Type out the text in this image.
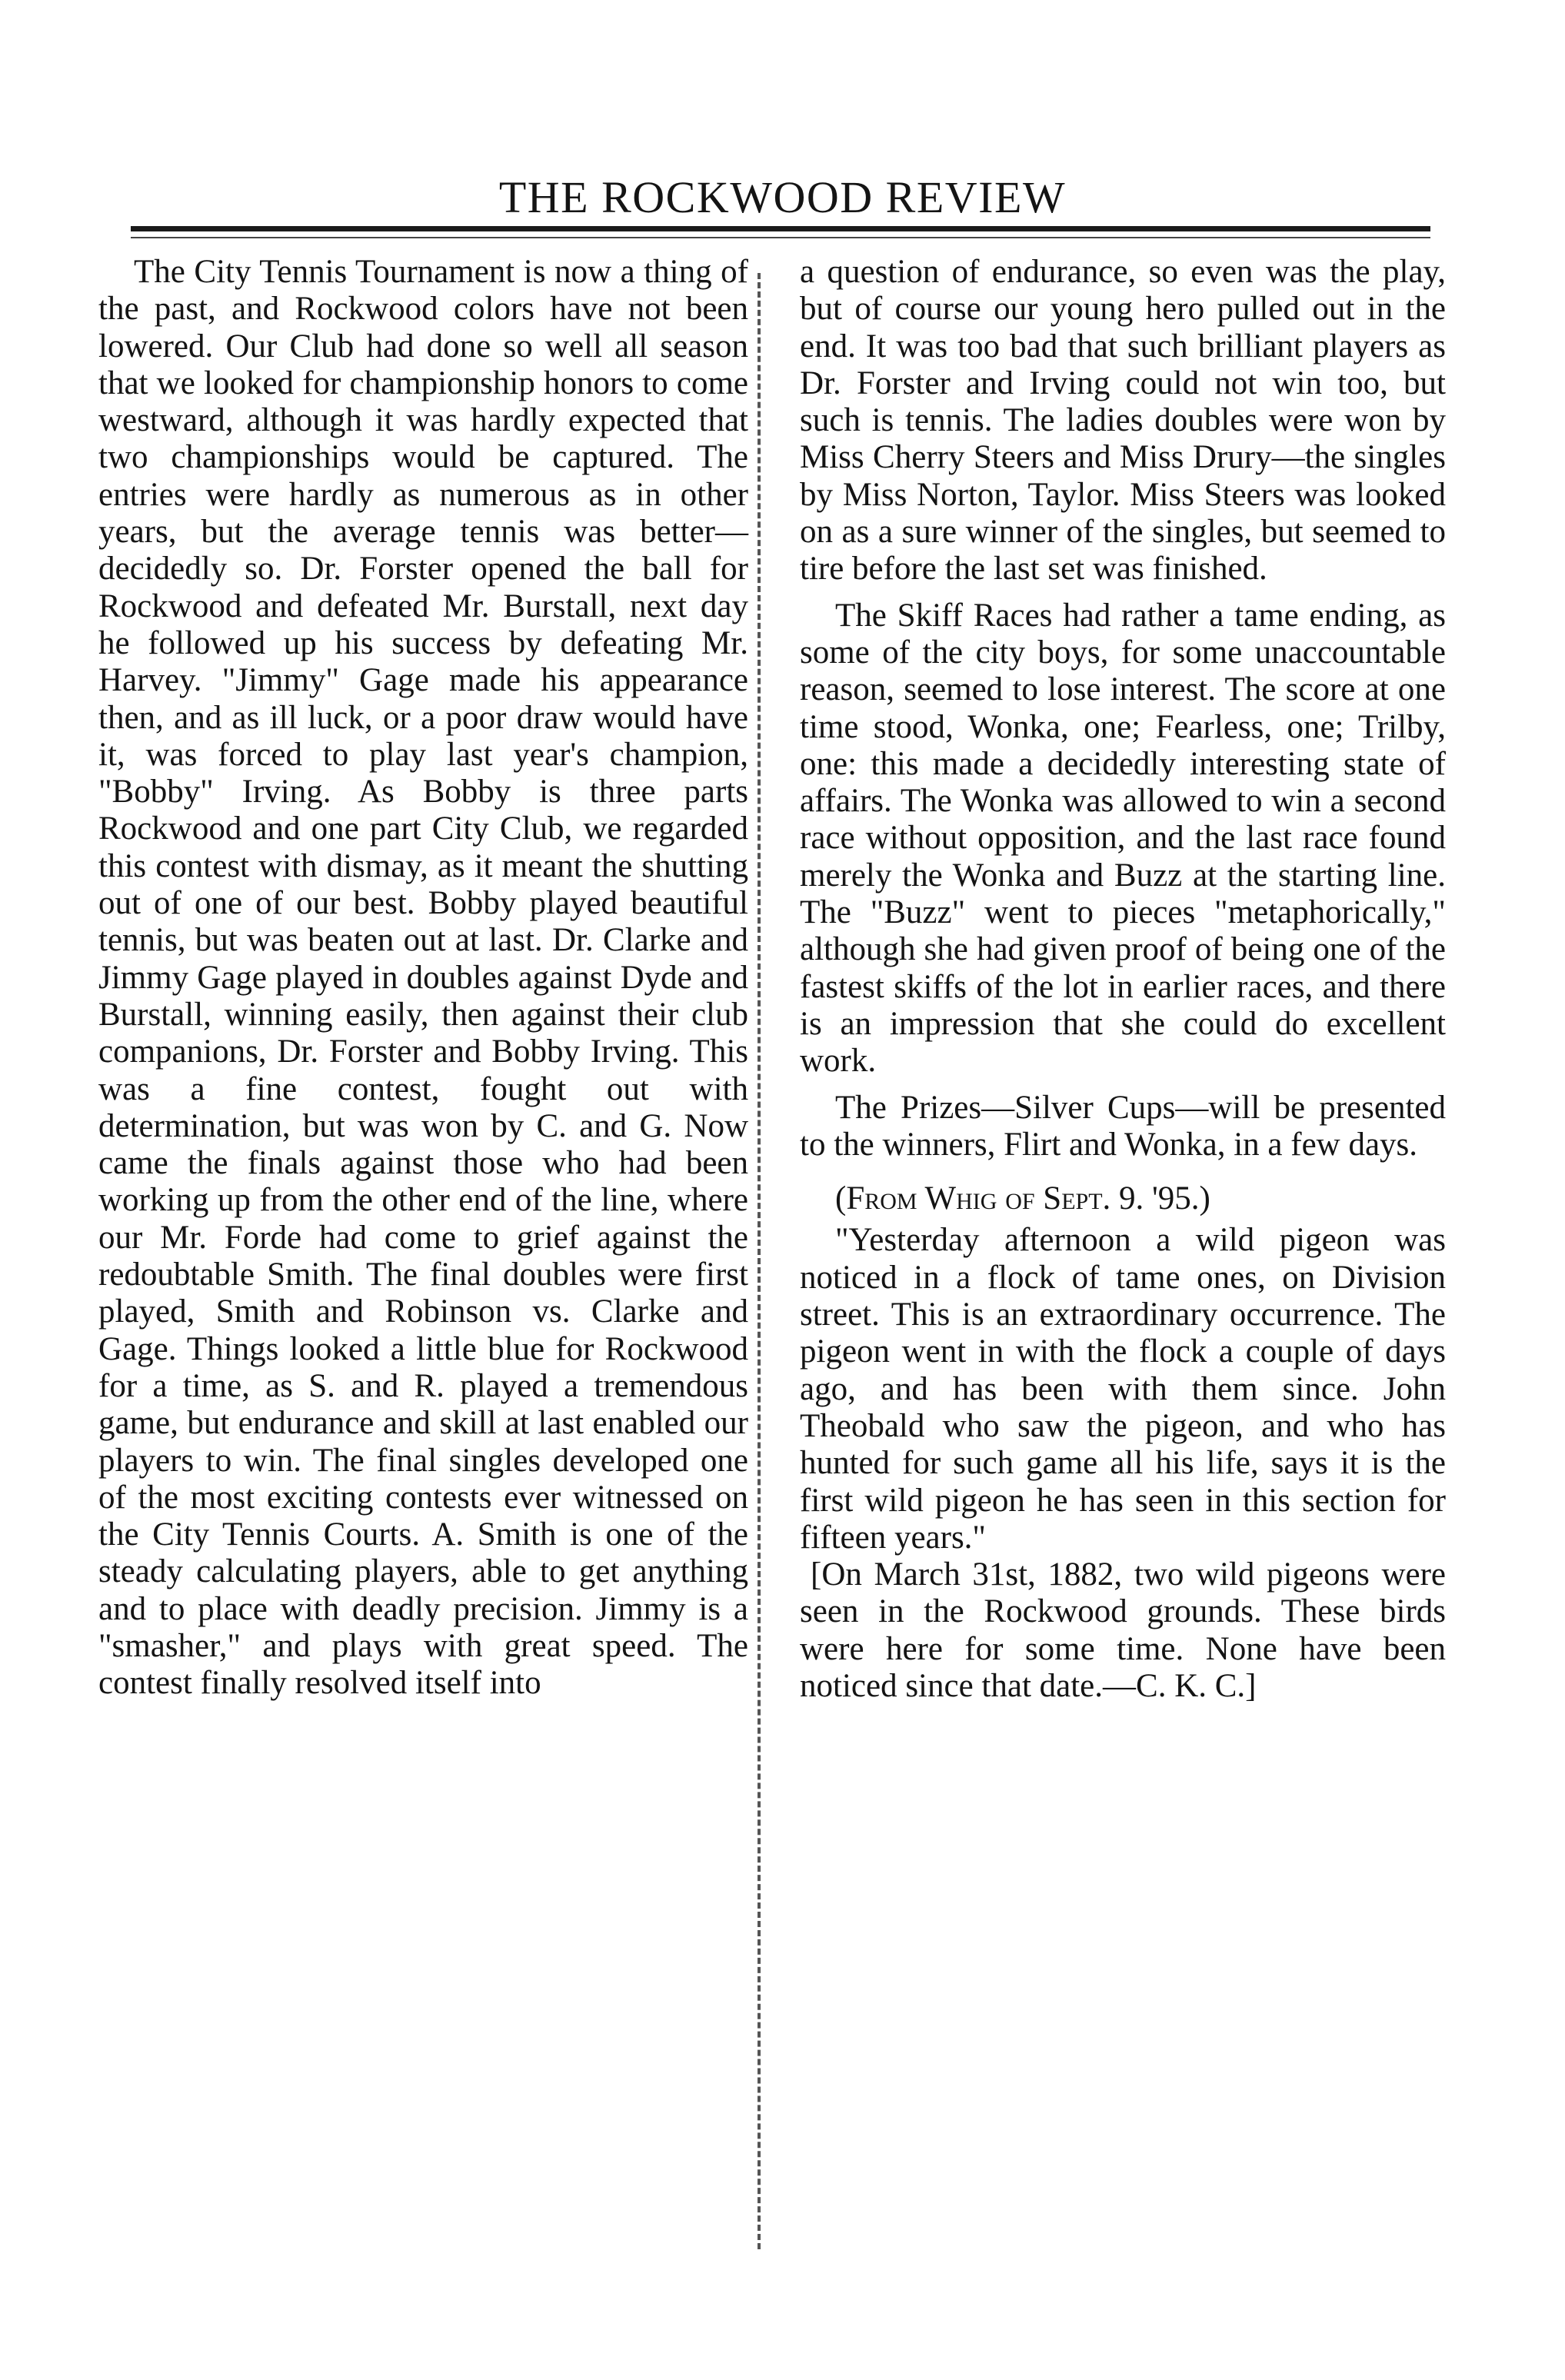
THE ROCKWOOD REVIEW

The City Tennis Tournament is now a thing of the past, and Rockwood colors have not been lowered. Our Club had done so well all season that we looked for championship honors to come westward, although it was hardly expected that two championships would be captured. The entries were hardly as numerous as in other years, but the average tennis was better—decidedly so. Dr. Forster opened the ball for Rockwood and defeated Mr. Burstall, next day he followed up his success by defeating Mr. Harvey. "Jimmy" Gage made his appearance then, and as ill luck, or a poor draw would have it, was forced to play last year's champion, "Bobby" Irving. As Bobby is three parts Rockwood and one part City Club, we regarded this contest with dismay, as it meant the shutting out of one of our best. Bobby played beautiful tennis, but was beaten out at last. Dr. Clarke and Jimmy Gage played in doubles against Dyde and Burstall, winning easily, then against their club companions, Dr. Forster and Bobby Irving. This was a fine contest, fought out with determination, but was won by C. and G. Now came the finals against those who had been working up from the other end of the line, where our Mr. Forde had come to grief against the redoubtable Smith. The final doubles were first played, Smith and Robinson vs. Clarke and Gage. Things looked a little blue for Rockwood for a time, as S. and R. played a tremendous game, but endurance and skill at last enabled our players to win. The final singles developed one of the most exciting contests ever witnessed on the City Tennis Courts. A. Smith is one of the steady calculating players, able to get anything and to place with deadly precision. Jimmy is a "smasher," and plays with great speed. The contest finally resolved itself into

a question of endurance, so even was the play, but of course our young hero pulled out in the end. It was too bad that such brilliant players as Dr. Forster and Irving could not win too, but such is tennis. The ladies doubles were won by Miss Cherry Steers and Miss Drury—the singles by Miss Norton, Taylor. Miss Steers was looked on as a sure winner of the singles, but seemed to tire before the last set was finished.

The Skiff Races had rather a tame ending, as some of the city boys, for some unaccountable reason, seemed to lose interest. The score at one time stood, Wonka, one; Fearless, one; Trilby, one: this made a decidedly interesting state of affairs. The Wonka was allowed to win a second race without opposition, and the last race found merely the Wonka and Buzz at the starting line. The "Buzz" went to pieces "metaphorically," although she had given proof of being one of the fastest skiffs of the lot in earlier races, and there is an impression that she could do excellent work.

The Prizes—Silver Cups—will be presented to the winners, Flirt and Wonka, in a few days.

(From Whig of Sept. 9. '95.)

"Yesterday afternoon a wild pigeon was noticed in a flock of tame ones, on Division street. This is an extraordinary occurrence. The pigeon went in with the flock a couple of days ago, and has been with them since. John Theobald who saw the pigeon, and who has hunted for such game all his life, says it is the first wild pigeon he has seen in this section for fifteen years."

[On March 31st, 1882, two wild pigeons were seen in the Rockwood grounds. These birds were here for some time. None have been noticed since that date.—C. K. C.]
